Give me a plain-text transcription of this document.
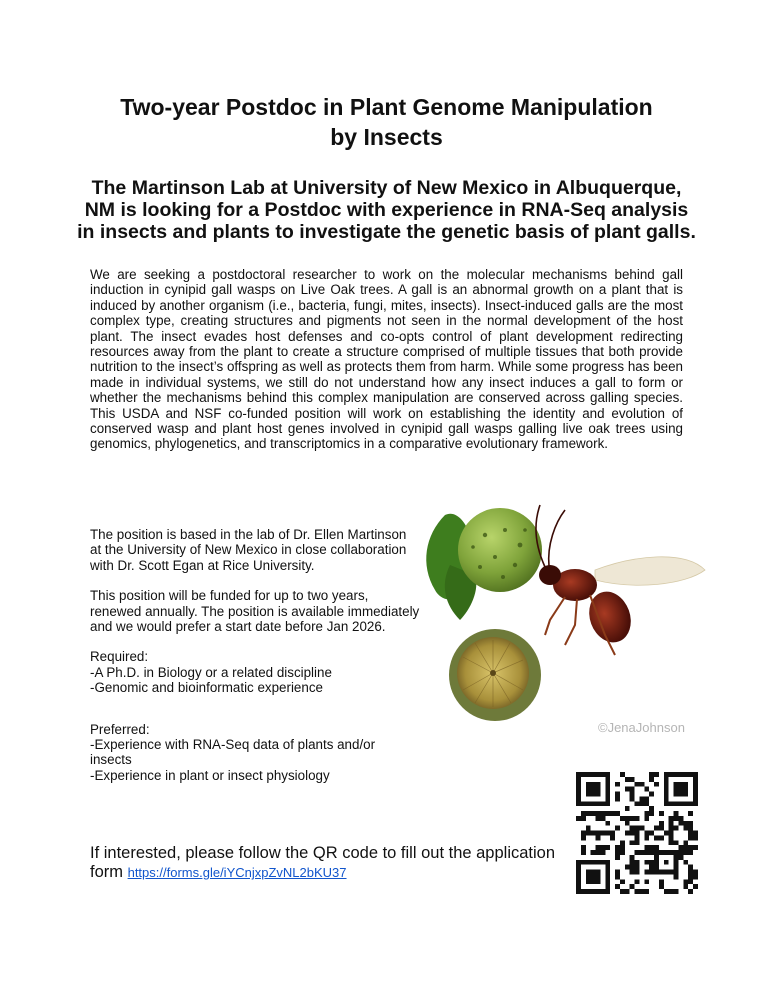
Two-year Postdoc in Plant Genome Manipulation
by Insects
The Martinson Lab at University of New Mexico in Albuquerque,
NM is looking for a Postdoc with experience in RNA-Seq analysis
in insects and plants to investigate the genetic basis of plant galls.

We are seeking a postdoctoral researcher to work on the molecular mechanisms behind gall induction in cynipid gall wasps on Live Oak trees. A gall is an abnormal growth on a plant that is induced by another organism (i.e., bacteria, fungi, mites, insects). Insect-induced galls are the most complex type, creating structures and pigments not seen in the normal development of the host plant. The insect evades host defenses and co-opts control of plant development redirecting resources away from the plant to create a structure comprised of multiple tissues that both provide nutrition to the insect’s offspring as well as protects them from harm. While some progress has been made in individual systems, we still do not understand how any insect induces a gall to form or whether the mechanisms behind this complex manipulation are conserved across galling species. This USDA and NSF co-funded position will work on establishing the identity and evolution of conserved wasp and plant host genes involved in cynipid gall wasps galling live oak trees using genomics, phylogenetics, and transcriptomics in a comparative evolutionary framework.

The position is based in the lab of Dr. Ellen Martinson at the University of New Mexico in close collaboration with Dr. Scott Egan at Rice University.

This position will be funded for up to two years, renewed annually. The position is available immediately and we would prefer a start date before Jan 2026.

Required:
-A Ph.D. in Biology or a related discipline
-Genomic and bioinformatic experience
Preferred:
-Experience with RNA-Seq data of plants and/or insects
-Experience in plant or insect physiology

If interested, please follow the QR code to fill out the application form https://forms.gle/iYCnjxpZvNL2bKU37

©JenaJohnson
